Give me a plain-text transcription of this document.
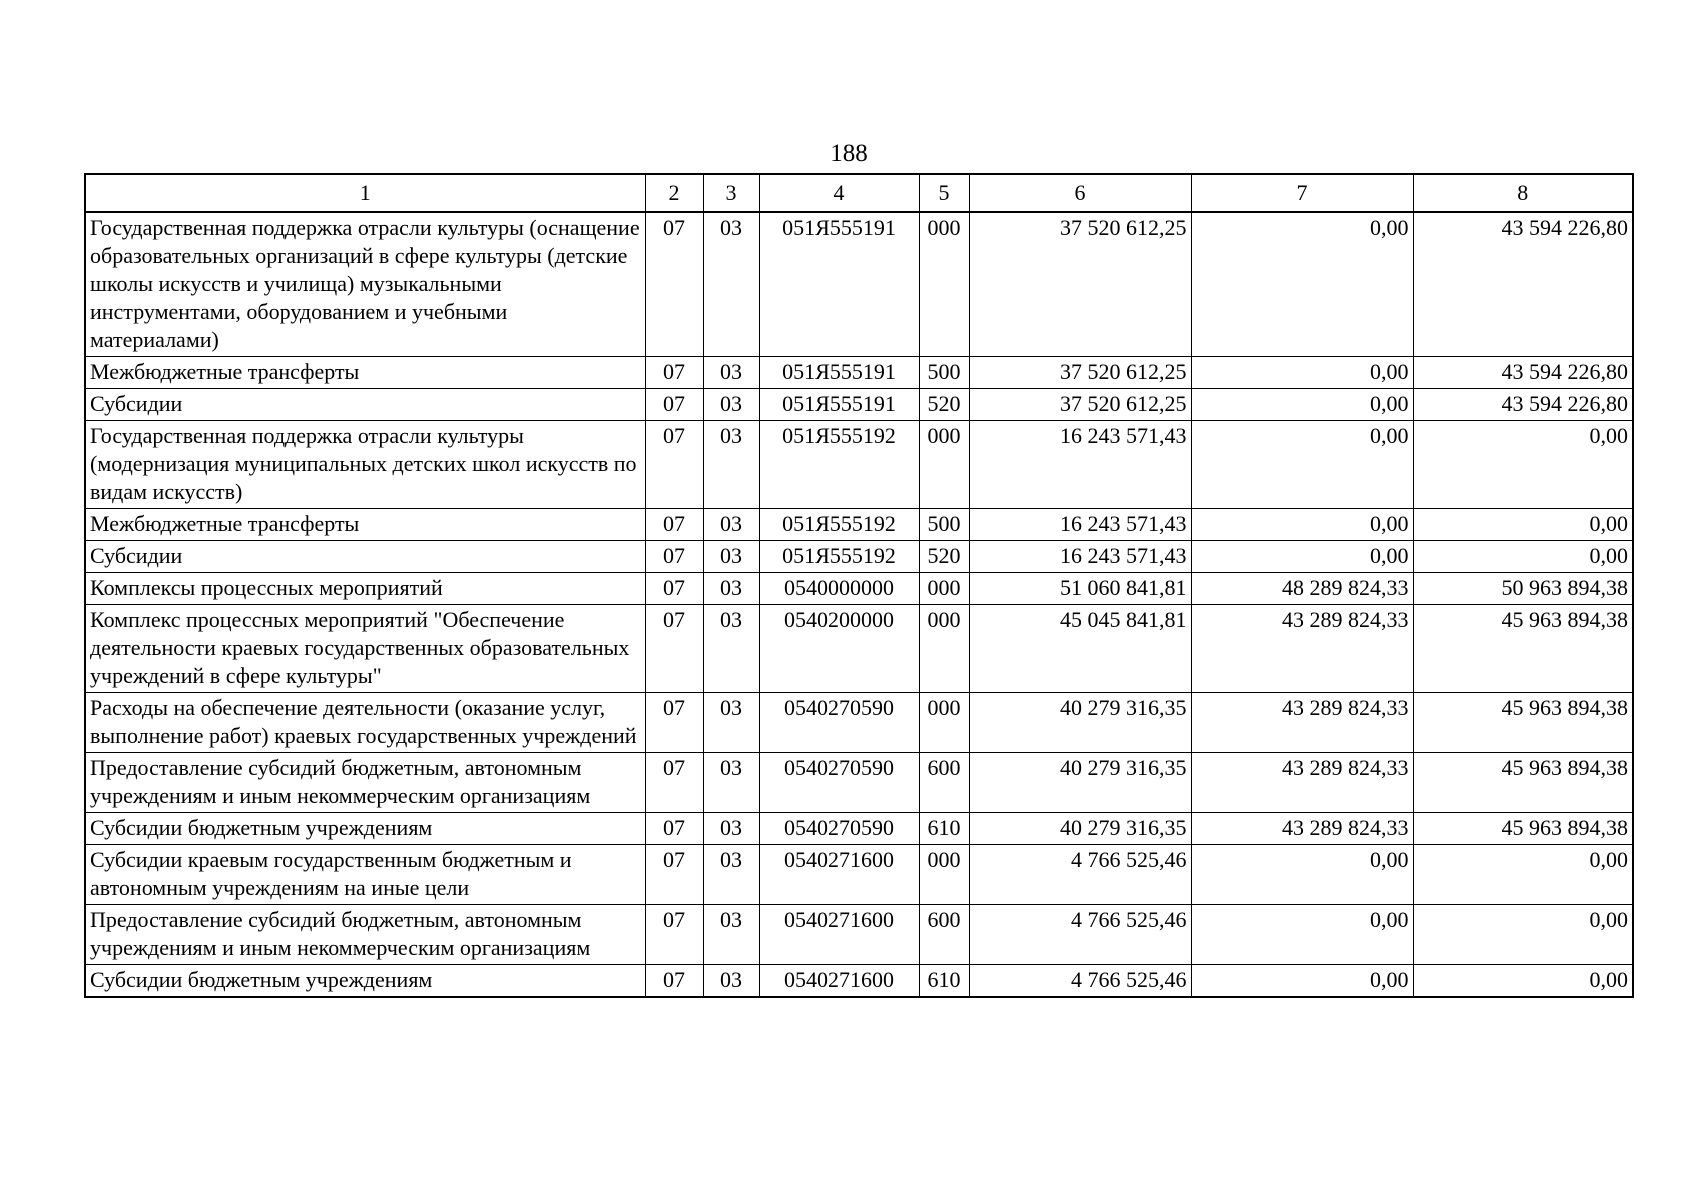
188
1	2	3	4	5	6	7	8
Государственная поддержка отрасли культуры (оснащение образовательных организаций в сфере культуры (детские школы искусств и училища) музыкальными инструментами, оборудованием и учебными материалами)	07	03	051Я555191	000	37 520 612,25	0,00	43 594 226,80
Межбюджетные трансферты	07	03	051Я555191	500	37 520 612,25	0,00	43 594 226,80
Субсидии	07	03	051Я555191	520	37 520 612,25	0,00	43 594 226,80
Государственная поддержка отрасли культуры (модернизация муниципальных детских школ искусств по видам искусств)	07	03	051Я555192	000	16 243 571,43	0,00	0,00
Межбюджетные трансферты	07	03	051Я555192	500	16 243 571,43	0,00	0,00
Субсидии	07	03	051Я555192	520	16 243 571,43	0,00	0,00
Комплексы процессных мероприятий	07	03	0540000000	000	51 060 841,81	48 289 824,33	50 963 894,38
Комплекс процессных мероприятий "Обеспечение деятельности краевых государственных образовательных учреждений в сфере культуры"	07	03	0540200000	000	45 045 841,81	43 289 824,33	45 963 894,38
Расходы на обеспечение деятельности (оказание услуг, выполнение работ) краевых государственных учреждений	07	03	0540270590	000	40 279 316,35	43 289 824,33	45 963 894,38
Предоставление субсидий бюджетным, автономным учреждениям и иным некоммерческим организациям	07	03	0540270590	600	40 279 316,35	43 289 824,33	45 963 894,38
Субсидии бюджетным учреждениям	07	03	0540270590	610	40 279 316,35	43 289 824,33	45 963 894,38
Субсидии краевым государственным бюджетным и автономным учреждениям на иные цели	07	03	0540271600	000	4 766 525,46	0,00	0,00
Предоставление субсидий бюджетным, автономным учреждениям и иным некоммерческим организациям	07	03	0540271600	600	4 766 525,46	0,00	0,00
Субсидии бюджетным учреждениям	07	03	0540271600	610	4 766 525,46	0,00	0,00
